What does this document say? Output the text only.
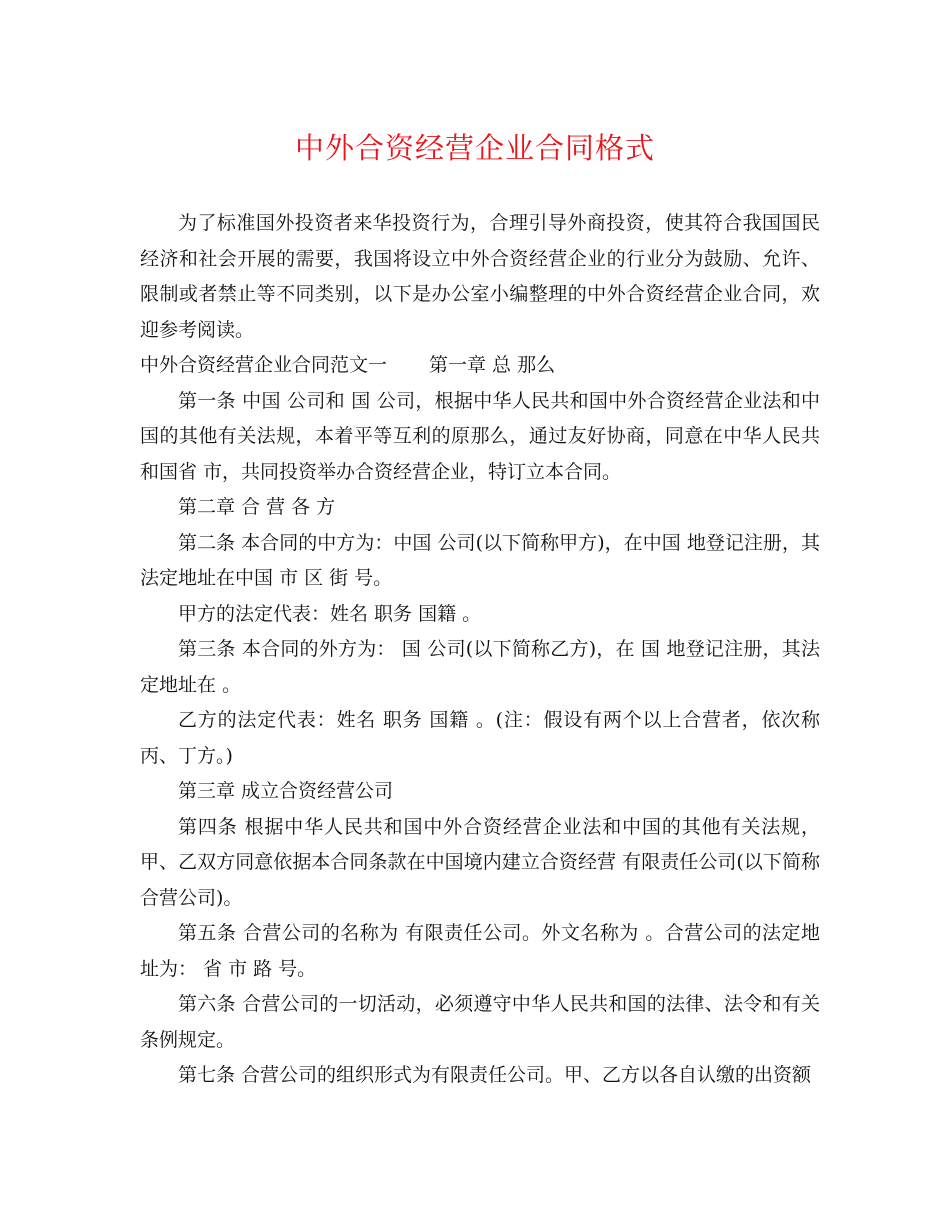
中外合资经营企业合同格式

为了标准国外投资者来华投资行为，合理引导外商投资，使其符合我国国民经济和社会开展的需要，我国将设立中外合资经营企业的行业分为鼓励、允许、限制或者禁止等不同类别，以下是办公室小编整理的中外合资经营企业合同，欢迎参考阅读。

中外合资经营企业合同范文一 第一章 总 那么

第一条 中国 公司和 国 公司，根据中华人民共和国中外合资经营企业法和中国的其他有关法规，本着平等互利的原那么，通过友好协商，同意在中华人民共和国省 市，共同投资举办合资经营企业，特订立本合同。

第二章 合 营 各 方

第二条 本合同的中方为：中国 公司(以下简称甲方)，在中国 地登记注册，其法定地址在中国 市 区 街 号。

甲方的法定代表：姓名 职务 国籍 。

第三条 本合同的外方为： 国 公司(以下简称乙方)，在 国 地登记注册，其法定地址在 。

乙方的法定代表：姓名 职务 国籍 。(注：假设有两个以上合营者，依次称 丙、丁方。)

第三章 成立合资经营公司

第四条 根据中华人民共和国中外合资经营企业法和中国的其他有关法规， 甲、乙双方同意依据本合同条款在中国境内建立合资经营 有限责任公司(以下简称合营公司)。

第五条 合营公司的名称为 有限责任公司。外文名称为 。合营公司的法定地址为： 省 市 路 号。

第六条 合营公司的一切活动，必须遵守中华人民共和国的法律、法令和有关条例规定。

第七条 合营公司的组织形式为有限责任公司。甲、乙方以各自认缴的出资额
